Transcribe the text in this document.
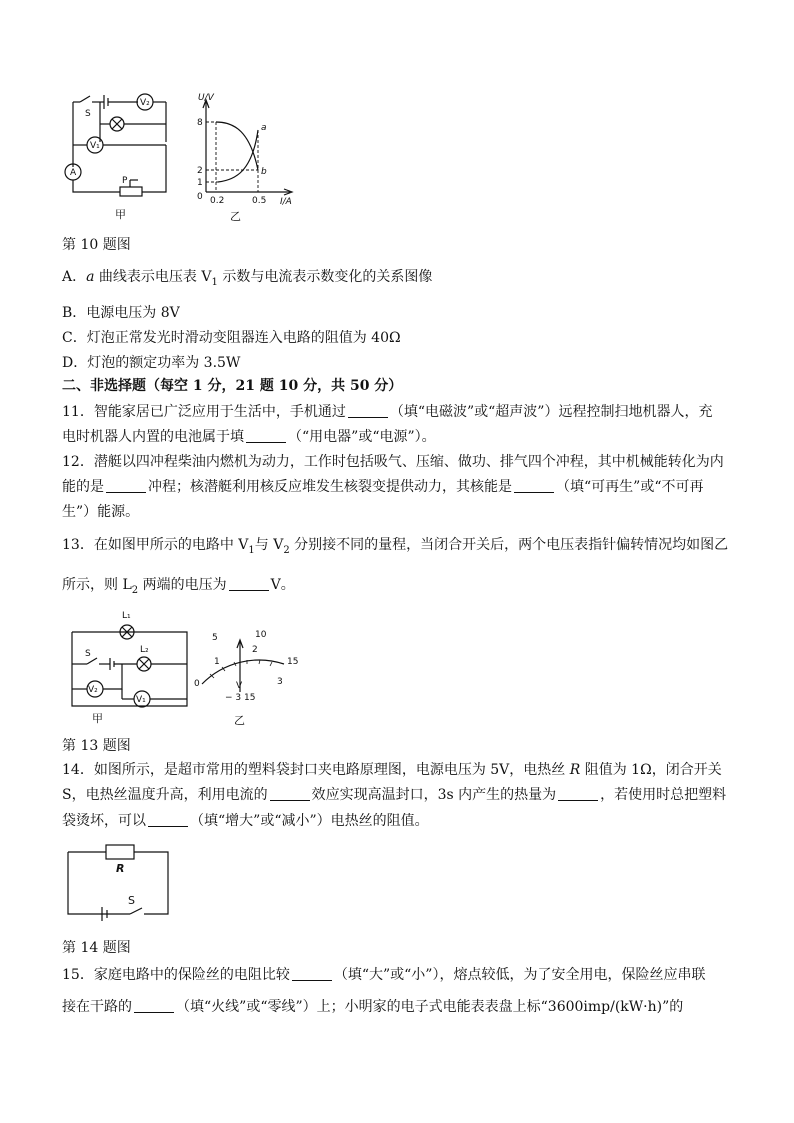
S
V₂
V₁
A
P
U/V
I/A
8
2
1
0 0.2	0.5
a
b
甲	乙
第 10 题图
A．a 曲线表示电压表 $V_1$ 示数与电流表示数变化的关系图像
B．电源电压为 8V
C．灯泡正常发光时滑动变阻器连入电路的阻值为 40Ω
D．灯泡的额定功率为 3.5W
二、非选择题（每空 1 分，21 题 10 分，共 50 分）
11．智能家居已广泛应用于生活中，手机通过	（填“电磁波”或“超声波”）远程控制扫地机器人，充
电时机器人内置的电池属于填	（“用电器”或“电源”）。
12．潜艇以四冲程柴油内燃机为动力，工作时包括吸气、压缩、做功、排气四个冲程，其中机械能转化为内
能的是	冲程；核潜艇利用核反应堆发生核裂变提供动力，其核能是	（填“可再生”或“不可再
生”）能源。
13．在如图甲所示的电路中 $V_1$与 $V_2$ 分别接不同的量程，当闭合开关后，两个电压表指针偏转情况均如图乙
所示，则 $L_2$ 两端的电压为	V。
L₁
L₂
S
V₂
V₁
5	10
15
0
1
2
3
V
− 3 15
甲	乙
第 13 题图
14．如图所示，是超市常用的塑料袋封口夹电路原理图，电源电压为 5V，电热丝 R 阻值为 1Ω，闭合开关
S，电热丝温度升高，利用电流的	效应实现高温封口，3s 内产生的热量为	，若使用时总把塑料
袋烫坏，可以	（填“增大”或“减小”）电热丝的阻值。
R
S
第 14 题图
15．家庭电路中的保险丝的电阻比较	（填“大”或“小”），熔点较低，为了安全用电，保险丝应串联
接在干路的	（填“火线”或“零线”）上；小明家的电子式电能表表盘上标“3600imp/(kW·h)”的
